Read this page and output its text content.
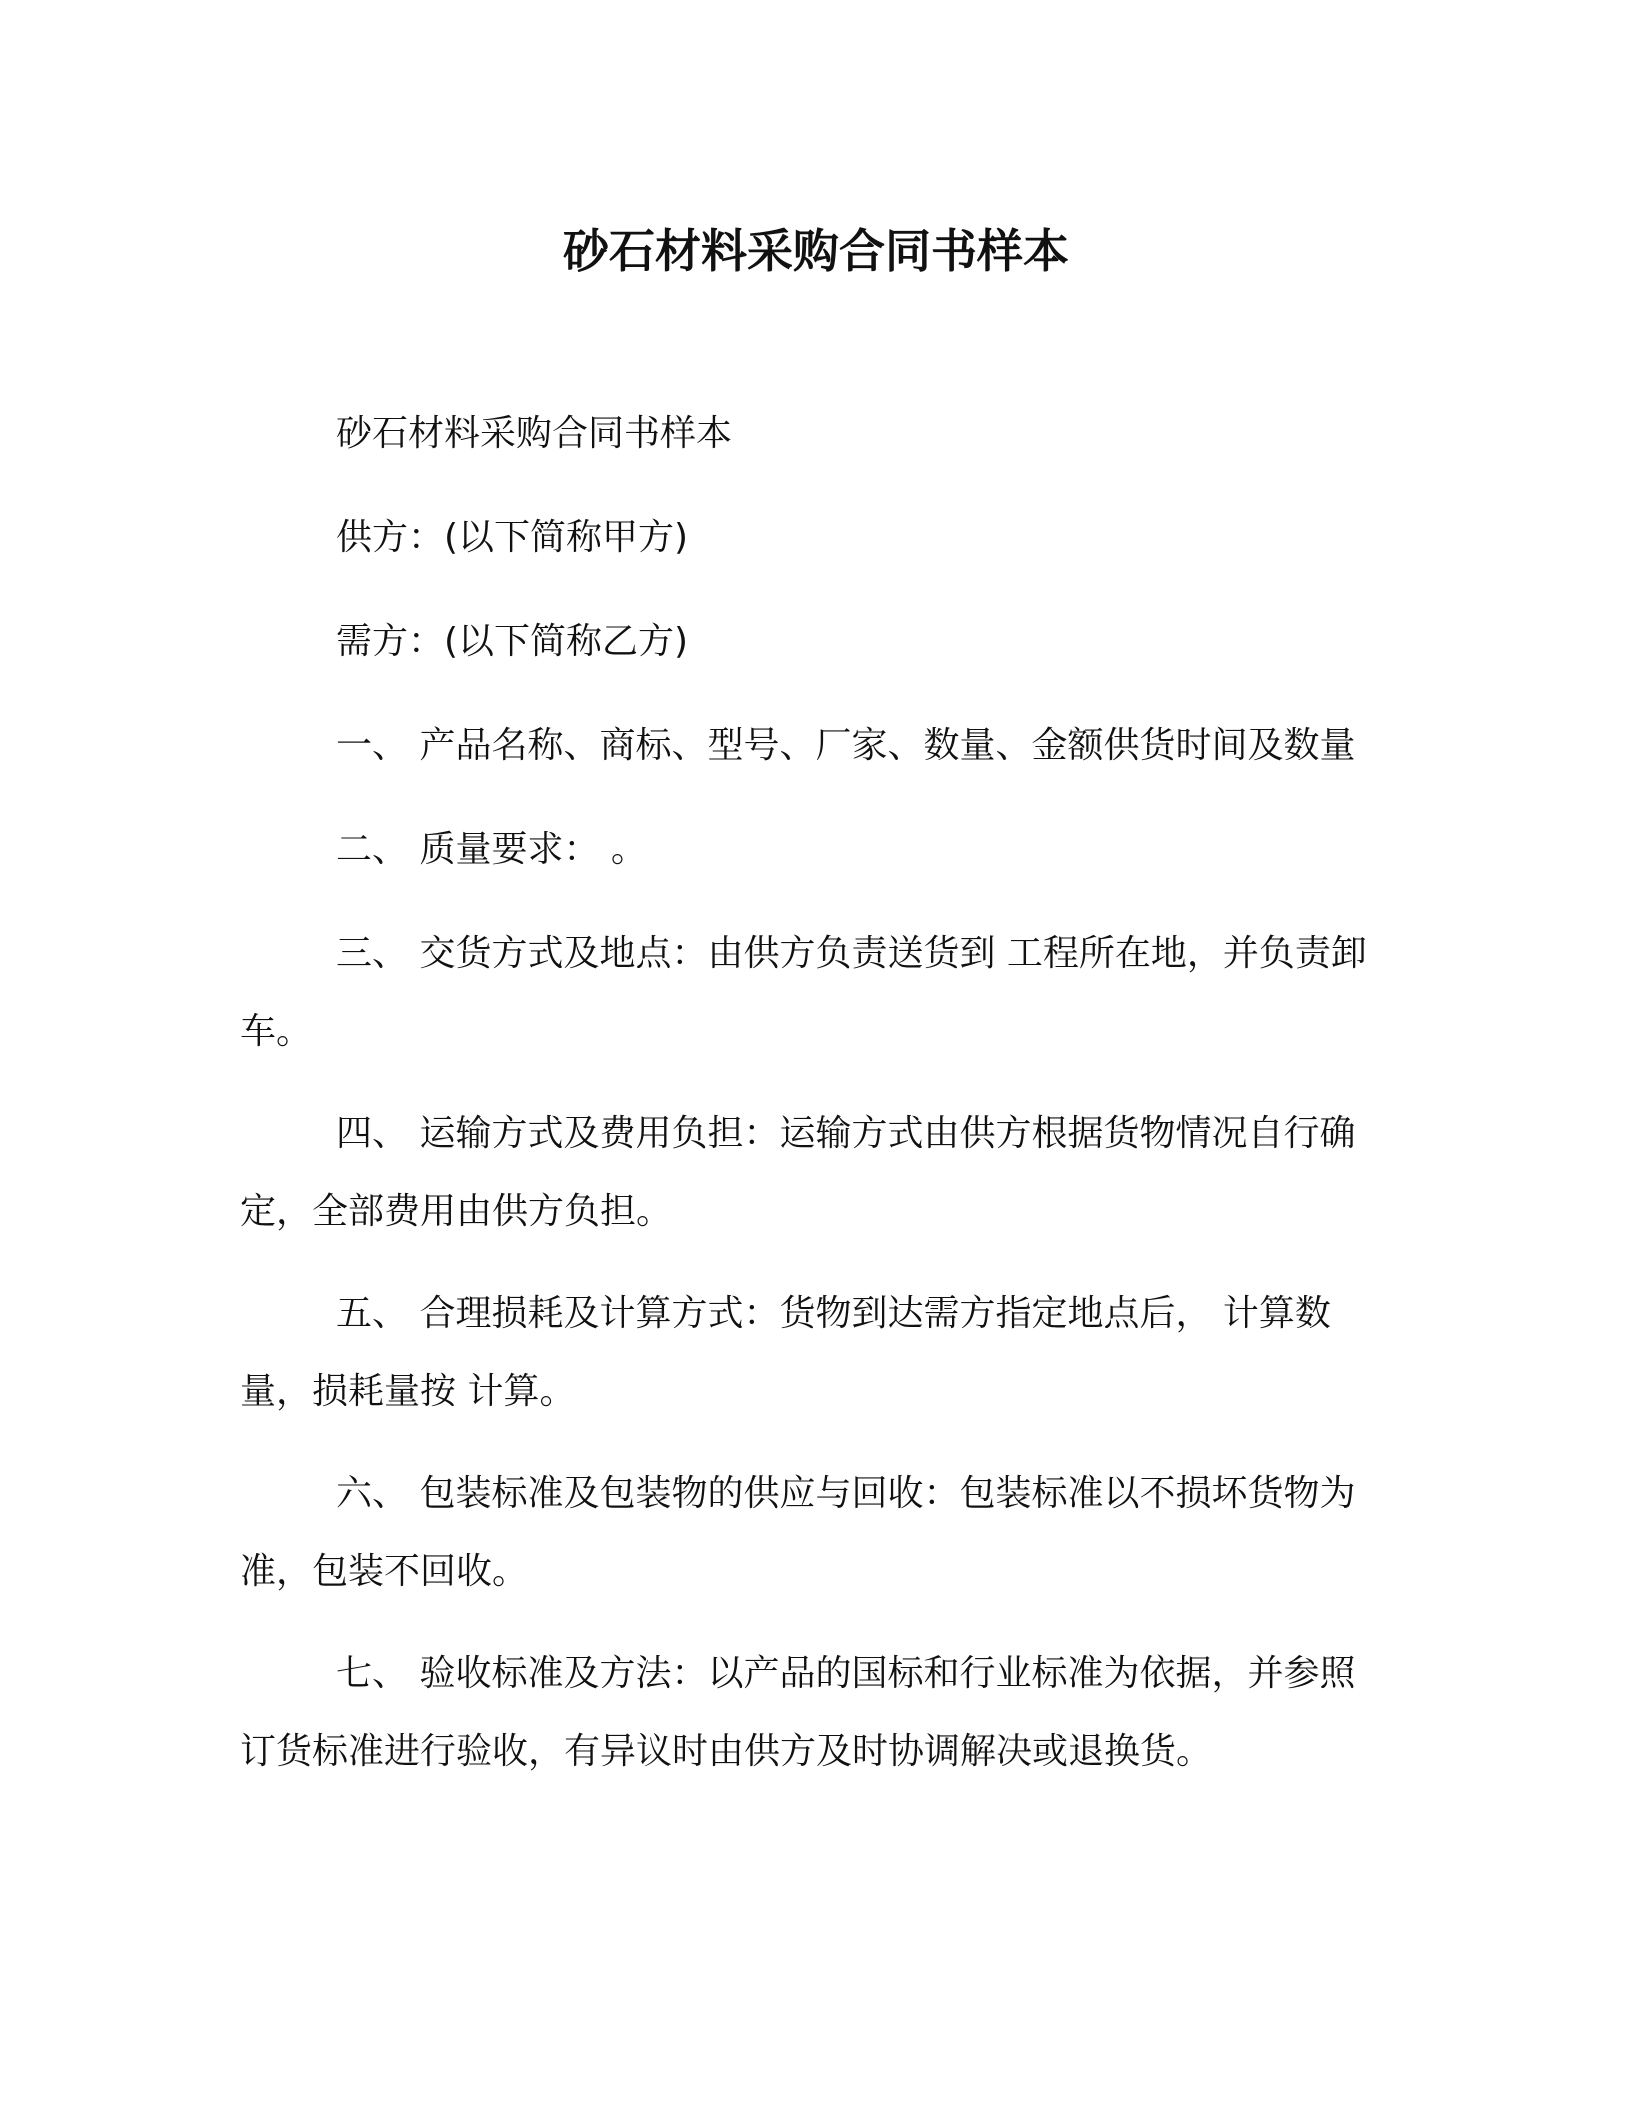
砂石材料采购合同书样本

砂石材料采购合同书样本

供方：(以下简称甲方)

需方：(以下简称乙方)

一、 产品名称、商标、型号、厂家、数量、金额供货时间及数量

二、 质量要求： 。

三、 交货方式及地点：由供方负责送货到 工程所在地，并负责卸车。

四、 运输方式及费用负担：运输方式由供方根据货物情况自行确定，全部费用由供方负担。

五、 合理损耗及计算方式：货物到达需方指定地点后， 计算数量，损耗量按 计算。

六、 包装标准及包装物的供应与回收：包装标准以不损坏货物为准，包装不回收。

七、 验收标准及方法：以产品的国标和行业标准为依据，并参照订货标准进行验收，有异议时由供方及时协调解决或退换货。
